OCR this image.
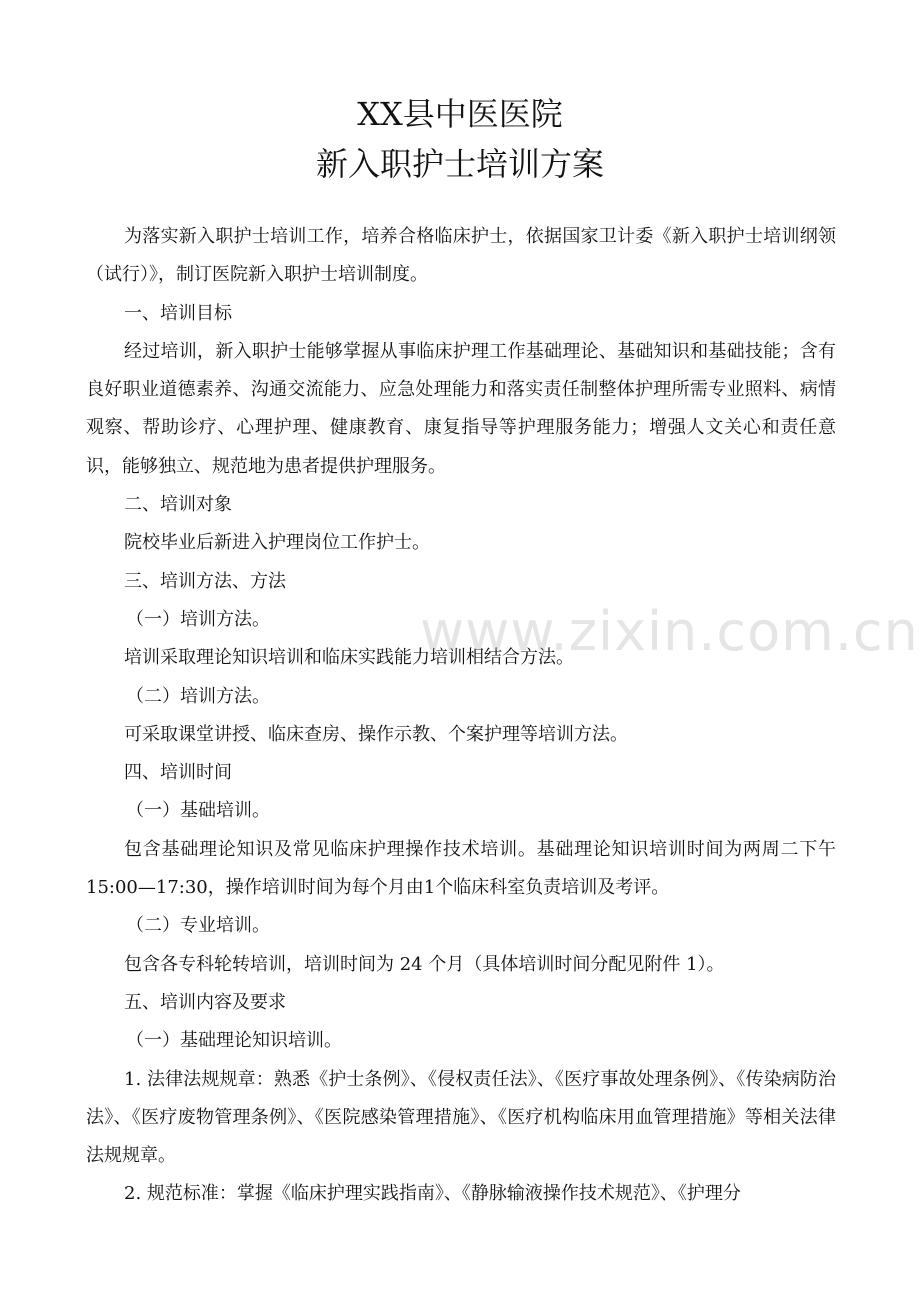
XX县中医医院
新入职护士培训方案

为落实新入职护士培训工作，培养合格临床护士，依据国家卫计委《新入职护士培训纲领（试行）》，制订医院新入职护士培训制度。

一、培训目标

经过培训，新入职护士能够掌握从事临床护理工作基础理论、基础知识和基础技能；含有良好职业道德素养、沟通交流能力、应急处理能力和落实责任制整体护理所需专业照料、病情观察、帮助诊疗、心理护理、健康教育、康复指导等护理服务能力；增强人文关心和责任意识，能够独立、规范地为患者提供护理服务。

二、培训对象

院校毕业后新进入护理岗位工作护士。

三、培训方法、方法

（一）培训方法。

培训采取理论知识培训和临床实践能力培训相结合方法。

（二）培训方法。

可采取课堂讲授、临床查房、操作示教、个案护理等培训方法。

四、培训时间

（一）基础培训。

包含基础理论知识及常见临床护理操作技术培训。基础理论知识培训时间为两周二下午15:00—17:30，操作培训时间为每个月由1个临床科室负责培训及考评。

（二）专业培训。

包含各专科轮转培训，培训时间为 24 个月（具体培训时间分配见附件 1）。

五、培训内容及要求

（一）基础理论知识培训。

1. 法律法规规章：熟悉《护士条例》、《侵权责任法》、《医疗事故处理条例》、《传染病防治法》、《医疗废物管理条例》、《医院感染管理措施》、《医疗机构临床用血管理措施》等相关法律法规规章。

2. 规范标准：掌握《临床护理实践指南》、《静脉输液操作技术规范》、《护理分

www.zixin.com.cn
